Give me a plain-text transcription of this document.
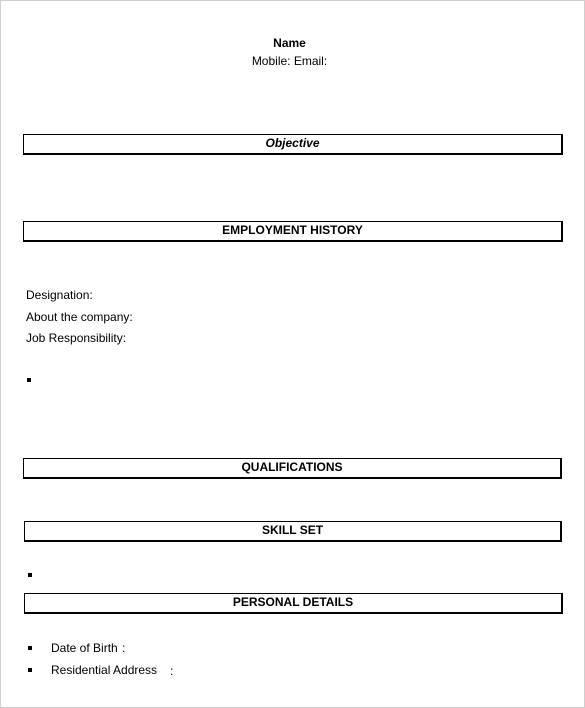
Name
Mobile: Email:
Objective
EMPLOYMENT HISTORY
Designation:
About the company:
Job Responsibility:
QUALIFICATIONS
SKILL SET
PERSONAL DETAILS
Date of Birth :
Residential Address :
